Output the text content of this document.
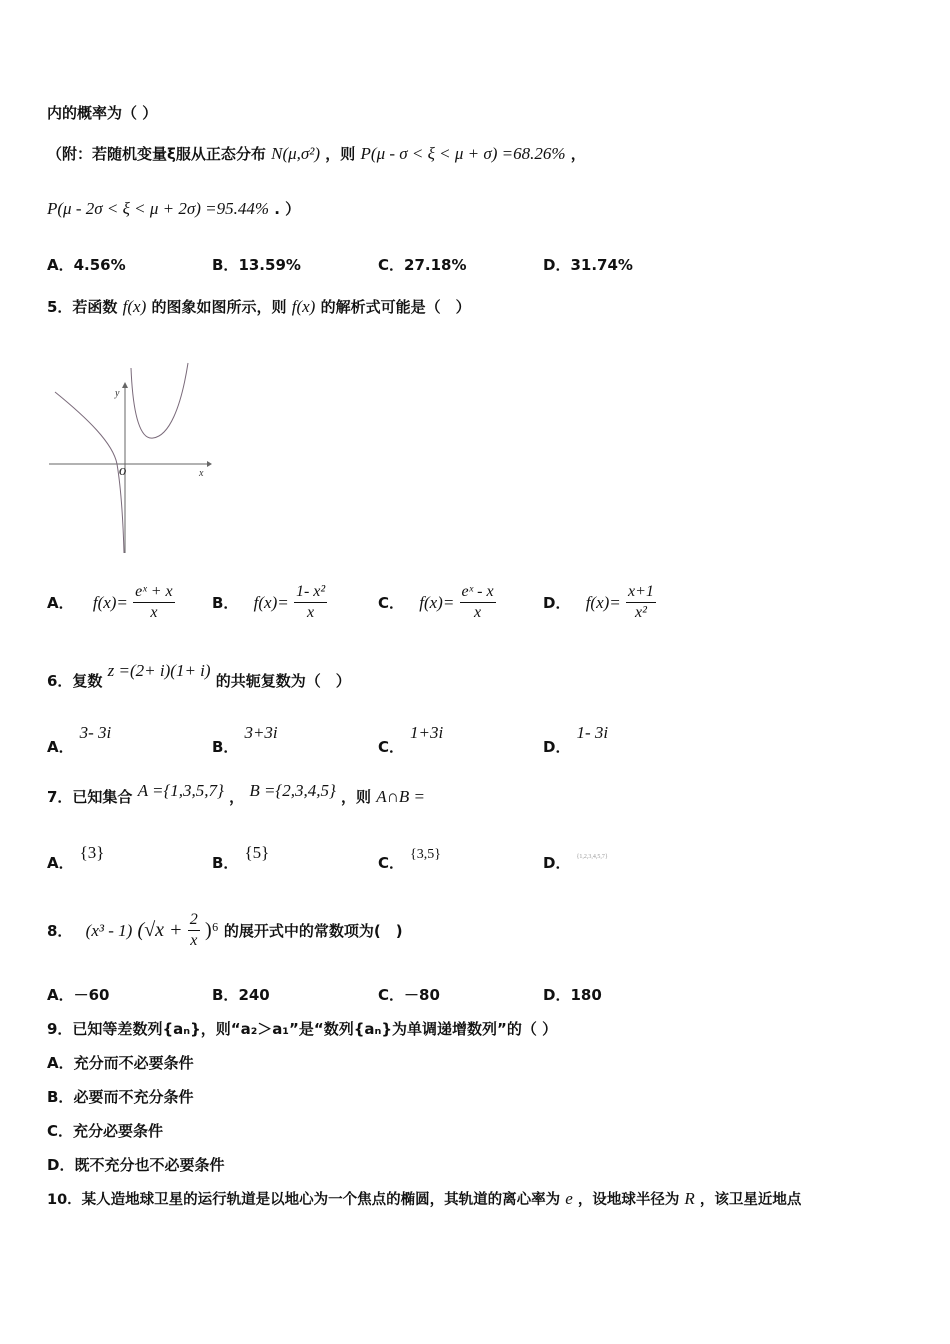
内的概率为（ ）
（附：若随机变量ξ服从正态分布 N(μ,σ²) ，则 P(μ - σ < ξ < μ + σ) =68.26% ，
P(μ - 2σ < ξ < μ + 2σ) =95.44% . ）
A．4.56%	B．13.59%	C．27.18%	D．31.74%
5．若函数 f(x) 的图象如图所示，则 f(x) 的解析式可能是（　）
y
x
O
A． $f(x)= \frac{\text{eˣ + x}}{x}$ B． $f(x)= \frac{\text{1- x²}}{x}$	C． $f(x)= \frac{\text{eˣ - x}}{x}$	D． $f(x)= \frac{x+1}{\text{x²}}$
6．复数 z =(2+ i)(1+ i) 的共轭复数为（　）
A．3- 3i
B．3+3i
C．1+3i
D．1- 3i
7．已知集合 A ={1,3,5,7} ， B ={2,3,4,5} ，则 A∩B =
A．{3}
B．{5}
C． {3,5}	D． {1,2,3,4,5,7}
8． (x³ - 1) $(√x + \frac{2}{x} )^6$ 的展开式中的常数项为(　)
A．－60	B．240	C．－80	D．180
9．已知等差数列{aₙ}，则“a₂＞a₁”是“数列{aₙ}为单调递增数列”的（ ）
A．充分而不必要条件
B．必要而不充分条件
C．充分必要条件
D．既不充分也不必要条件
10．某人造地球卫星的运行轨道是以地心为一个焦点的椭圆，其轨道的离心率为 e ，设地球半径为 R ，该卫星近地点
